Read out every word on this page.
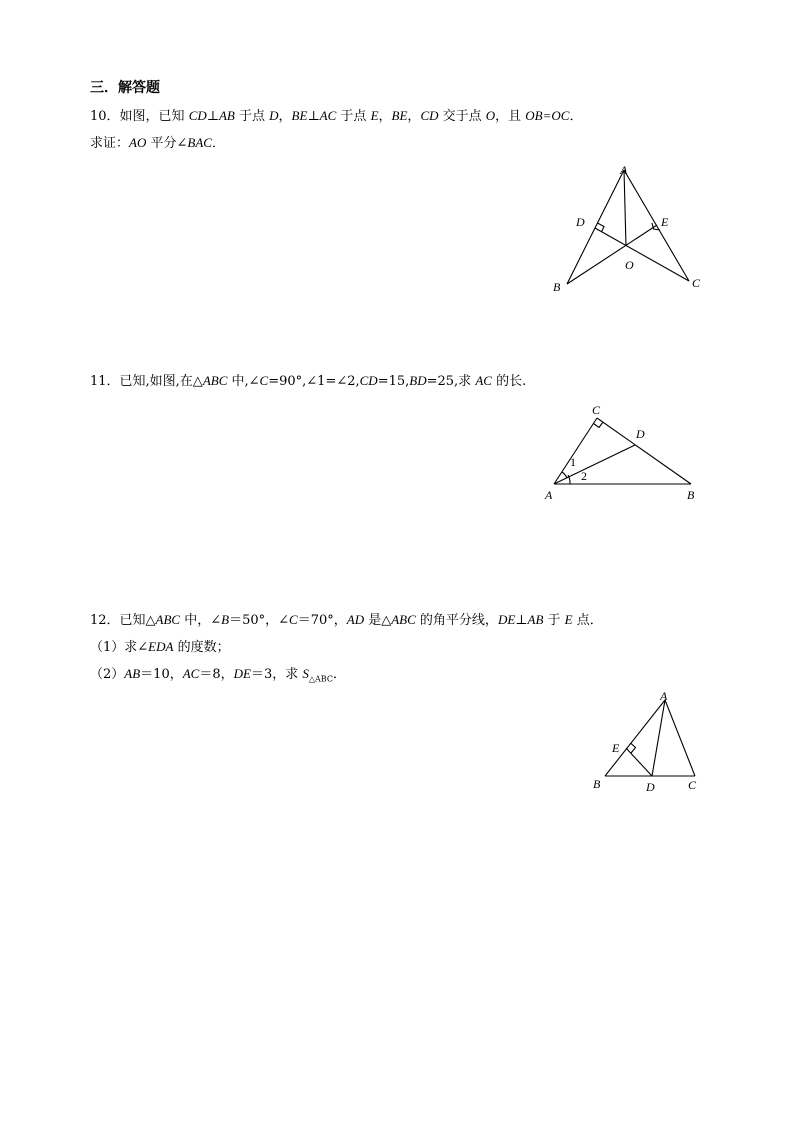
三．解答题
10．如图，已知 CD⊥AB 于点 D，BE⊥AC 于点 E，BE，CD 交于点 O，且 OB=OC．
求证：AO 平分∠BAC．
A
D	E
O
B	C
11．已知,如图,在△ABC 中,∠C=90°,∠1=∠2,CD=15,BD=25,求 AC 的长.
C
D
1
2
A	B
12．已知△ABC 中，∠B＝50°，∠C＝70°，AD 是△ABC 的角平分线，DE⊥AB 于 E 点．
（1）求∠EDA 的度数；
（2）AB＝10，AC＝8，DE＝3，求 $S_{\triangle ABC}$．
A
E
B	D	C
